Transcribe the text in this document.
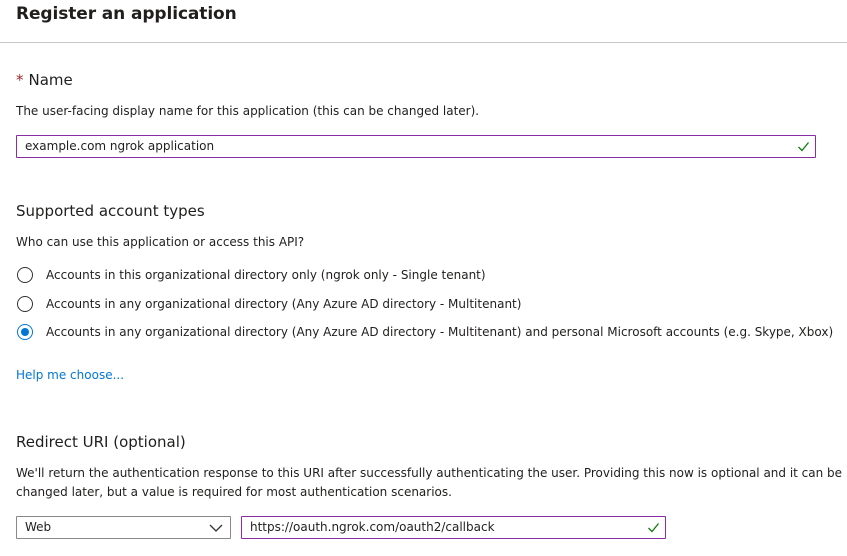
Register an application
* Name
The user-facing display name for this application (this can be changed later).
example.com ngrok application
Supported account types
Who can use this application or access this API?
Accounts in this organizational directory only (ngrok only - Single tenant)
Accounts in any organizational directory (Any Azure AD directory - Multitenant)
Accounts in any organizational directory (Any Azure AD directory - Multitenant) and personal Microsoft accounts (e.g. Skype, Xbox)
Help me choose...
Redirect URI (optional)
We'll return the authentication response to this URI after successfully authenticating the user. Providing this now is optional and it can be
changed later, but a value is required for most authentication scenarios.
Web	https://oauth.ngrok.com/oauth2/callback
